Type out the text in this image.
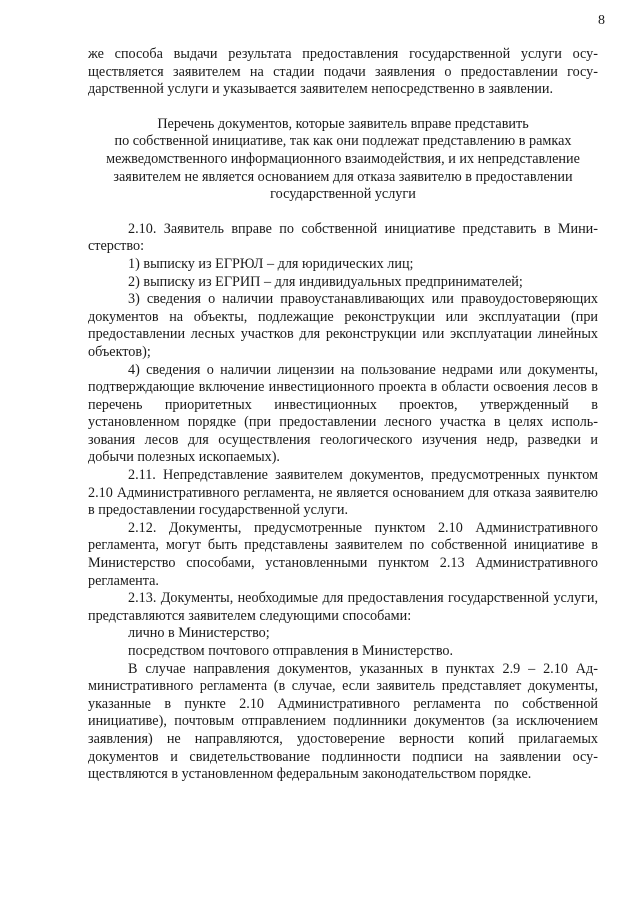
8

же способа выдачи результата предоставления государственной услуги осуществляется заявителем на стадии подачи заявления о предоставлении государственной услуги и указывается заявителем непосредственно в заявлении.

Перечень документов, которые заявитель вправе представить
по собственной инициативе, так как они подлежат представлению в рамках
межведомственного информационного взаимодействия, и их непредставление
заявителем не является основанием для отказа заявителю в предоставлении
государственной услуги

2.10. Заявитель вправе по собственной инициативе представить в Министерство:

1) выписку из ЕГРЮЛ – для юридических лиц;

2) выписку из ЕГРИП – для индивидуальных предпринимателей;

3) сведения о наличии правоустанавливающих или правоудостоверяющих документов на объекты, подлежащие реконструкции или эксплуатации (при предоставлении лесных участков для реконструкции или эксплуатации линейных объектов);

4) сведения о наличии лицензии на пользование недрами или документы, подтверждающие включение инвестиционного проекта в области освоения лесов в перечень приоритетных инвестиционных проектов, утвержденный в установленном порядке (при предоставлении лесного участка в целях использования лесов для осуществления геологического изучения недр, разведки и добычи полезных ископаемых).

2.11. Непредставление заявителем документов, предусмотренных пунктом 2.10 Административного регламента, не является основанием для отказа заявителю в предоставлении государственной услуги.

2.12. Документы, предусмотренные пунктом 2.10 Административного регламента, могут быть представлены заявителем по собственной инициативе в Министерство способами, установленными пунктом 2.13 Административного регламента.

2.13. Документы, необходимые для предоставления государственной услуги, представляются заявителем следующими способами:

лично в Министерство;

посредством почтового отправления в Министерство.

В случае направления документов, указанных в пунктах 2.9 – 2.10 Административного регламента (в случае, если заявитель представляет документы, указанные в пункте 2.10 Административного регламента по собственной инициативе), почтовым отправлением подлинники документов (за исключением заявления) не направляются, удостоверение верности копий прилагаемых документов и свидетельствование подлинности подписи на заявлении осуществляются в установленном федеральным законодательством порядке.
